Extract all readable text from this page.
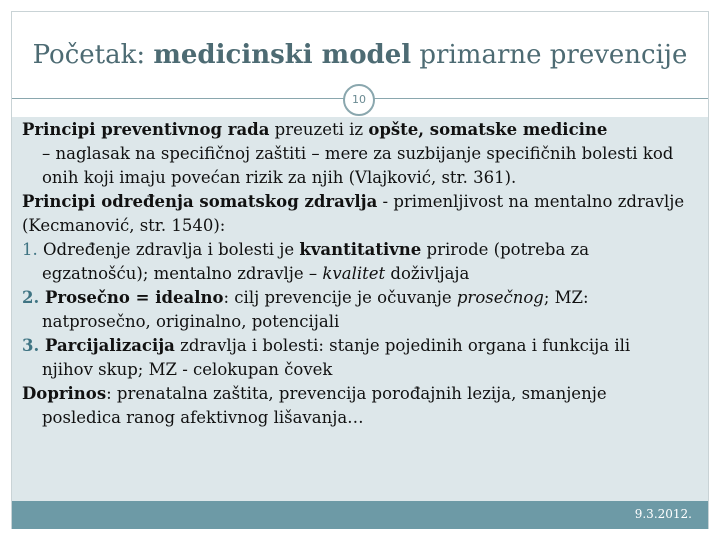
Početak: medicinski model primarne prevencije
10

Principi preventivnog rada preuzeti iz opšte, somatske medicine

– naglasak na specifičnoj zaštiti – mere za suzbijanje specifičnih bolesti kod onih koji imaju povećan rizik za njih (Vlajković, str. 361).

Principi određenja somatskog zdravlja - primenljivost na mentalno zdravlje (Kecmanović, str. 1540):

1. Određenje zdravlja i bolesti je kvantitativne prirode (potreba za

egzatnošću); mentalno zdravlje – kvalitet doživljaja

2. Prosečno = idealno: cilj prevencije je očuvanje prosečnog; MZ:

natprosečno, originalno, potencijali

3. Parcijalizacija zdravlja i bolesti: stanje pojedinih organa i funkcija ili

njihov skup; MZ - celokupan čovek

Doprinos: prenatalna zaštita, prevencija porođajnih lezija, smanjenje

posledica ranog afektivnog lišavanja…

9.3.2012.
